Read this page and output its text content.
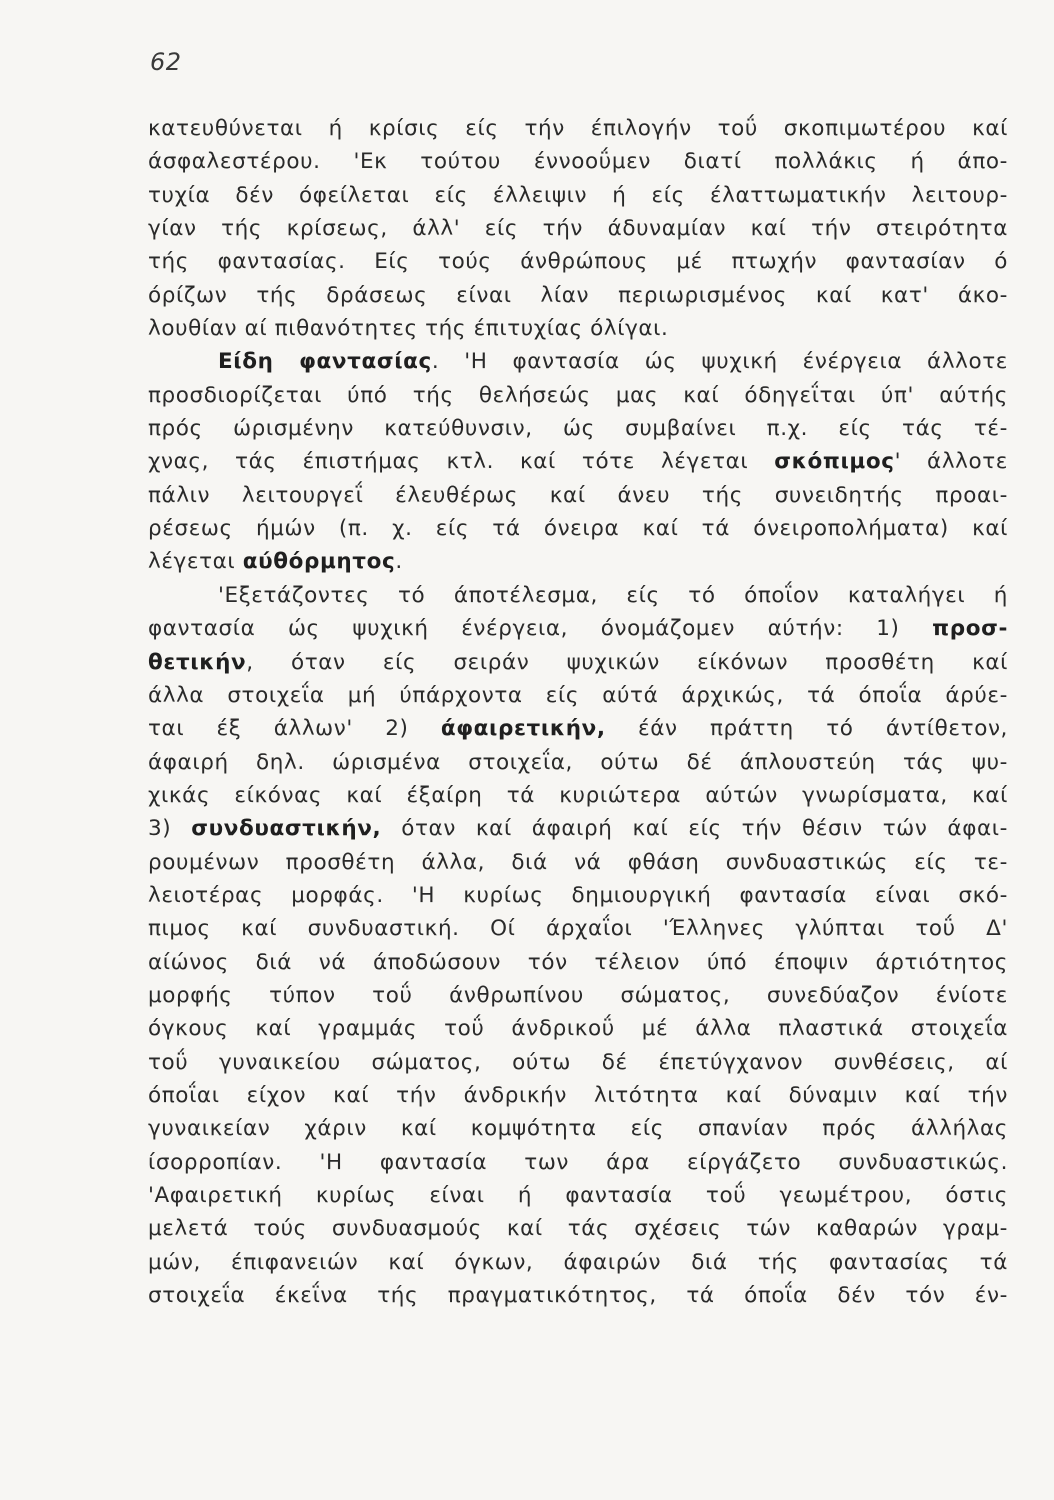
62
κατευθύνεται ή κρίσις είς τήν έπιλογήν τοΰ σκοπιμωτέρου καί
άσφαλεστέρου. 'Εκ τούτου έννοοΰμεν διατί πολλάκις ή άπο-
τυχία δέν όφείλεται είς έλλειψιν ή είς έλαττωματικήν λειτουρ-
γίαν τής κρίσεως, άλλ' είς τήν άδυναμίαν καί τήν στειρότητα
τής φαντασίας. Είς τούς άνθρώπους μέ πτωχήν φαντασίαν ό
όρίζων τής δράσεως είναι λίαν περιωρισμένος καί κατ' άκο-
λουθίαν αί πιθανότητες τής έπιτυχίας όλίγαι.
Είδη φαντασίας. 'Η φαντασία ώς ψυχική ένέργεια άλλοτε
προσδιορίζεται ύπό τής θελήσεώς μας καί όδηγεΐται ύπ' αύτής
πρός ώρισμένην κατεύθυνσιν, ώς συμβαίνει π.χ. είς τάς τέ-
χνας, τάς έπιστήμας κτλ. καί τότε λέγεται σκόπιμος' άλλοτε
πάλιν λειτουργεΐ έλευθέρως καί άνευ τής συνειδητής προαι-
ρέσεως ήμών (π. χ. είς τά όνειρα καί τά όνειροπολήματα) καί
λέγεται αύθόρμητος.
'Εξετάζοντες τό άποτέλεσμα, είς τό όποΐον καταλήγει ή
φαντασία ώς ψυχική ένέργεια, όνομάζομεν αύτήν: 1) προσ-
θετικήν, όταν είς σειράν ψυχικών είκόνων προσθέτη καί
άλλα στοιχεΐα μή ύπάρχοντα είς αύτά άρχικώς, τά όποΐα άρύε-
ται έξ άλλων' 2) άφαιρετικήν, έάν πράττη τό άντίθετον,
άφαιρή δηλ. ώρισμένα στοιχεΐα, ούτω δέ άπλουστεύη τάς ψυ-
χικάς είκόνας καί έξαίρη τά κυριώτερα αύτών γνωρίσματα, καί
3) συνδυαστικήν, όταν καί άφαιρή καί είς τήν θέσιν τών άφαι-
ρουμένων προσθέτη άλλα, διά νά φθάση συνδυαστικώς είς τε-
λειοτέρας μορφάς. 'Η κυρίως δημιουργική φαντασία είναι σκό-
πιμος καί συνδυαστική. Οί άρχαΐοι 'Έλληνες γλύπται τοΰ Δ'
αίώνος διά νά άποδώσουν τόν τέλειον ύπό έποψιν άρτιότητος
μορφής τύπον τοΰ άνθρωπίνου σώματος, συνεδύαζον ένίοτε
όγκους καί γραμμάς τοΰ άνδρικοΰ μέ άλλα πλαστικά στοιχεΐα
τοΰ γυναικείου σώματος, ούτω δέ έπετύγχανον συνθέσεις, αί
όποΐαι είχον καί τήν άνδρικήν λιτότητα καί δύναμιν καί τήν
γυναικείαν χάριν καί κομψότητα είς σπανίαν πρός άλλήλας
ίσορροπίαν. 'Η φαντασία των άρα είργάζετο συνδυαστικώς.
'Αφαιρετική κυρίως είναι ή φαντασία τοΰ γεωμέτρου, όστις
μελετά τούς συνδυασμούς καί τάς σχέσεις τών καθαρών γραμ-
μών, έπιφανειών καί όγκων, άφαιρών διά τής φαντασίας τά
στοιχεΐα έκεΐνα τής πραγματικότητος, τά όποΐα δέν τόν έν-
